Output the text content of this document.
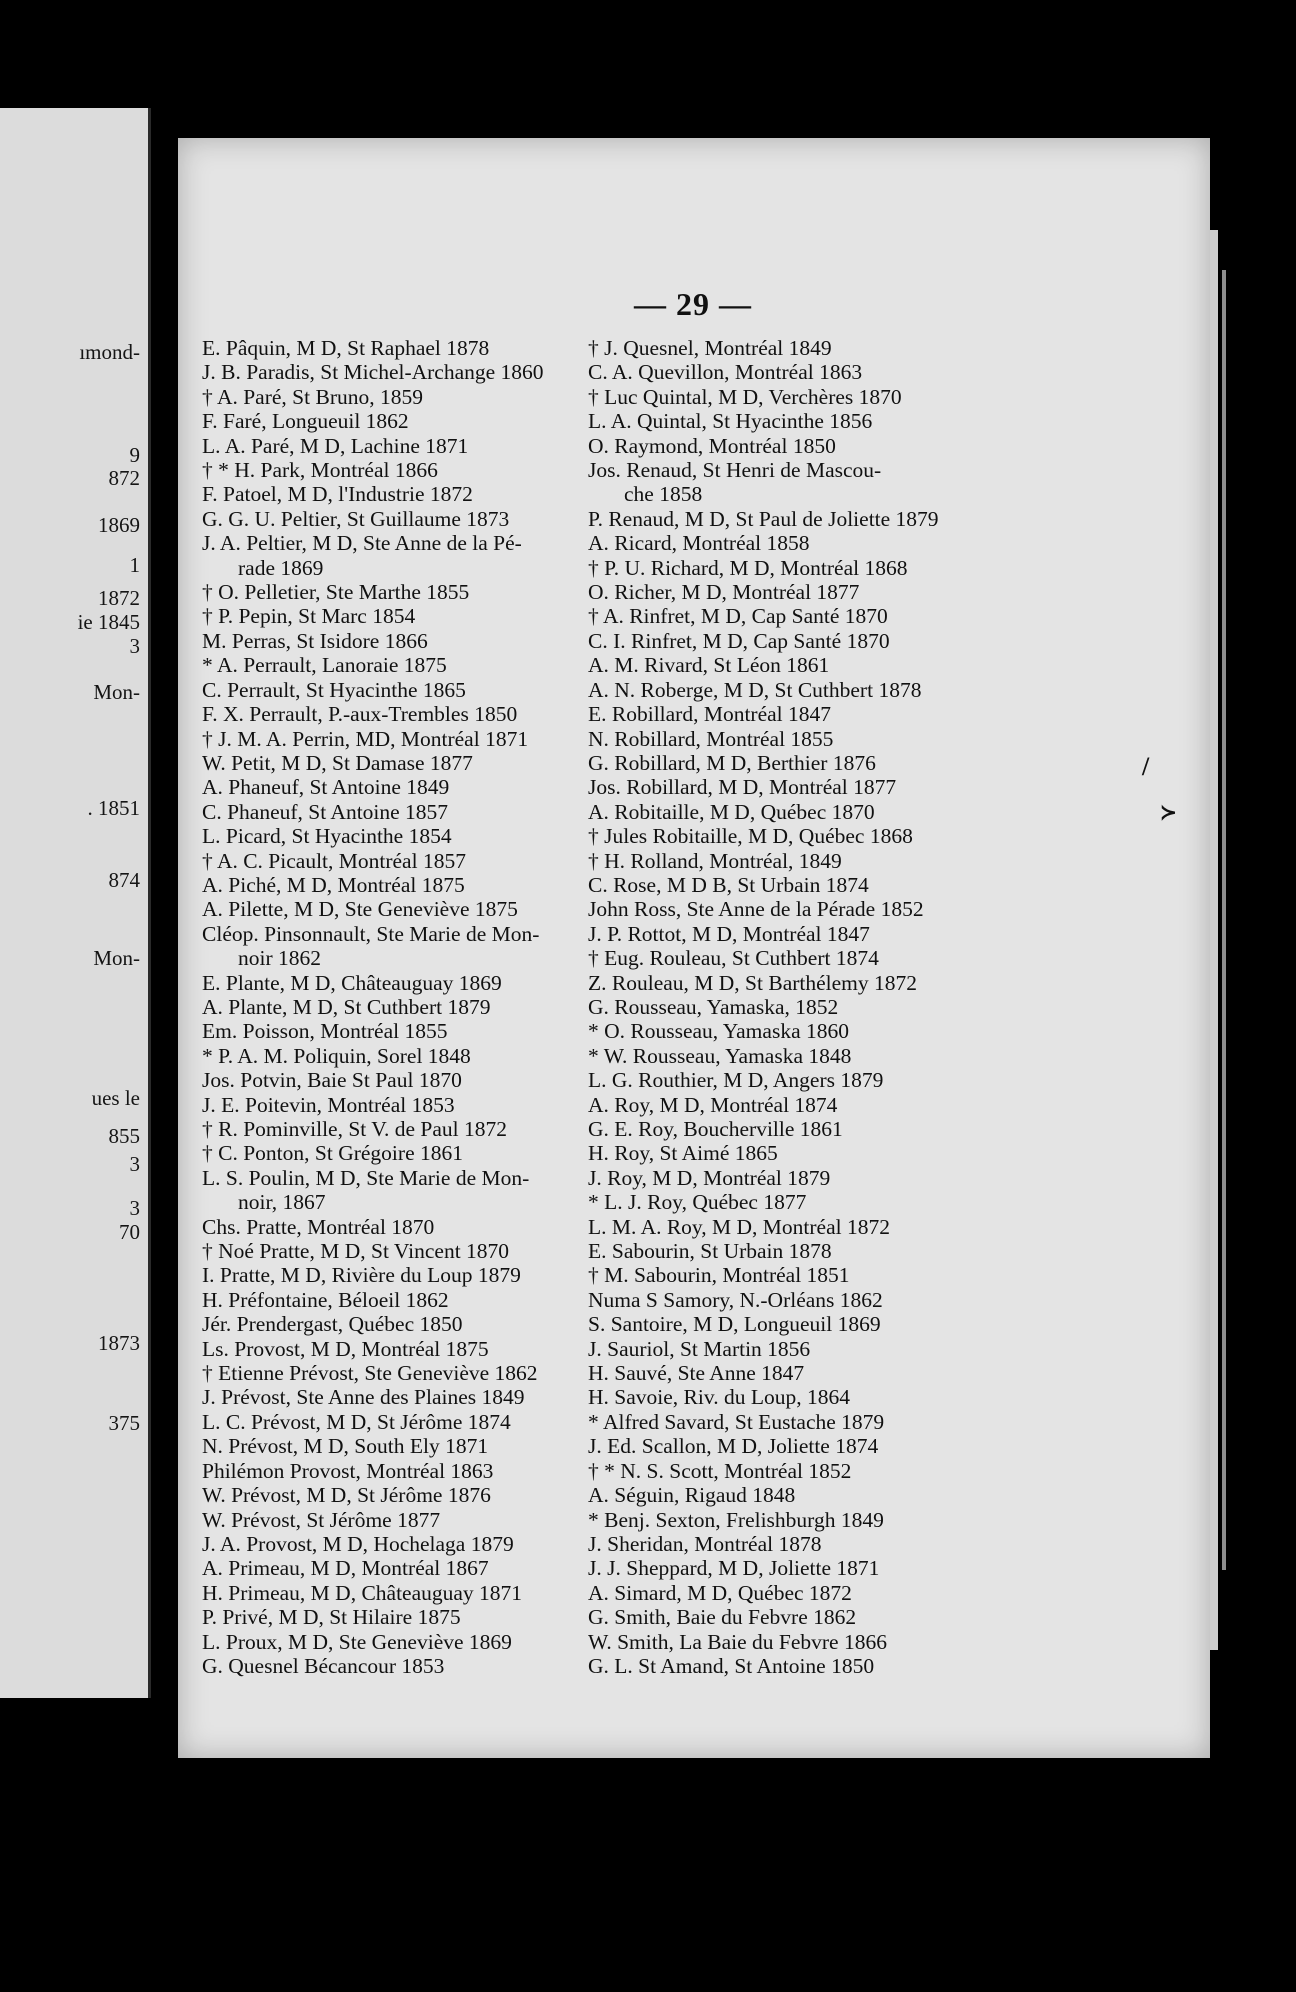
ımond-
9
872
1869
1
1872
ie 1845
3
Mon-
. 1851
874
Mon-
ues le
855
3
3
70
1873
375
— 29 —
E. Pâquin, M D, St Raphael 1878
J. B. Paradis, St Michel-Archange 1860
† A. Paré, St Bruno, 1859
F. Faré, Longueuil 1862
L. A. Paré, M D, Lachine 1871
† * H. Park, Montréal 1866
F. Patoel, M D, l'Industrie 1872
G. G. U. Peltier, St Guillaume 1873
J. A. Peltier, M D, Ste Anne de la Pé-
rade 1869
† O. Pelletier, Ste Marthe 1855
† P. Pepin, St Marc 1854
M. Perras, St Isidore 1866
* A. Perrault, Lanoraie 1875
C. Perrault, St Hyacinthe 1865
F. X. Perrault, P.-aux-Trembles 1850
† J. M. A. Perrin, MD, Montréal 1871
W. Petit, M D, St Damase 1877
A. Phaneuf, St Antoine 1849
C. Phaneuf, St Antoine 1857
L. Picard, St Hyacinthe 1854
† A. C. Picault, Montréal 1857
A. Piché, M D, Montréal 1875
A. Pilette, M D, Ste Geneviève 1875
Cléop. Pinsonnault, Ste Marie de Mon-
noir 1862
E. Plante, M D, Châteauguay 1869
A. Plante, M D, St Cuthbert 1879
Em. Poisson, Montréal 1855
* P. A. M. Poliquin, Sorel 1848
Jos. Potvin, Baie St Paul 1870
J. E. Poitevin, Montréal 1853
† R. Pominville, St V. de Paul 1872
† C. Ponton, St Grégoire 1861
L. S. Poulin, M D, Ste Marie de Mon-
noir, 1867
Chs. Pratte, Montréal 1870
† Noé Pratte, M D, St Vincent 1870
I. Pratte, M D, Rivière du Loup 1879
H. Préfontaine, Béloeil 1862
Jér. Prendergast, Québec 1850
Ls. Provost, M D, Montréal 1875
† Etienne Prévost, Ste Geneviève 1862
J. Prévost, Ste Anne des Plaines 1849
L. C. Prévost, M D, St Jérôme 1874
N. Prévost, M D, South Ely 1871
Philémon Provost, Montréal 1863
W. Prévost, M D, St Jérôme 1876
W. Prévost, St Jérôme 1877
J. A. Provost, M D, Hochelaga 1879
A. Primeau, M D, Montréal 1867
H. Primeau, M D, Châteauguay 1871
P. Privé, M D, St Hilaire 1875
L. Proux, M D, Ste Geneviève 1869
G. Quesnel Bécancour 1853
† J. Quesnel, Montréal 1849
C. A. Quevillon, Montréal 1863
† Luc Quintal, M D, Verchères 1870
L. A. Quintal, St Hyacinthe 1856
O. Raymond, Montréal 1850
Jos. Renaud, St Henri de Mascou-
che 1858
P. Renaud, M D, St Paul de Joliette 1879
A. Ricard, Montréal 1858
† P. U. Richard, M D, Montréal 1868
O. Richer, M D, Montréal 1877
† A. Rinfret, M D, Cap Santé 1870
C. I. Rinfret, M D, Cap Santé 1870
A. M. Rivard, St Léon 1861
A. N. Roberge, M D, St Cuthbert 1878
E. Robillard, Montréal 1847
N. Robillard, Montréal 1855
G. Robillard, M D, Berthier 1876
Jos. Robillard, M D, Montréal 1877
A. Robitaille, M D, Québec 1870
† Jules Robitaille, M D, Québec 1868
† H. Rolland, Montréal, 1849
C. Rose, M D B, St Urbain 1874
John Ross, Ste Anne de la Pérade 1852
J. P. Rottot, M D, Montréal 1847
† Eug. Rouleau, St Cuthbert 1874
Z. Rouleau, M D, St Barthélemy 1872
G. Rousseau, Yamaska, 1852
* O. Rousseau, Yamaska 1860
* W. Rousseau, Yamaska 1848
L. G. Routhier, M D, Angers 1879
A. Roy, M D, Montréal 1874
G. E. Roy, Boucherville 1861
H. Roy, St Aimé 1865
J. Roy, M D, Montréal 1879
* L. J. Roy, Québec 1877
L. M. A. Roy, M D, Montréal 1872
E. Sabourin, St Urbain 1878
† M. Sabourin, Montréal 1851
Numa S Samory, N.-Orléans 1862
S. Santoire, M D, Longueuil 1869
J. Sauriol, St Martin 1856
H. Sauvé, Ste Anne 1847
H. Savoie, Riv. du Loup, 1864
* Alfred Savard, St Eustache 1879
J. Ed. Scallon, M D, Joliette 1874
† * N. S. Scott, Montréal 1852
A. Séguin, Rigaud 1848
* Benj. Sexton, Frelishburgh 1849
J. Sheridan, Montréal 1878
J. J. Sheppard, M D, Joliette 1871
A. Simard, M D, Québec 1872
G. Smith, Baie du Febvre 1862
W. Smith, La Baie du Febvre 1866
G. L. St Amand, St Antoine 1850
/
≻
